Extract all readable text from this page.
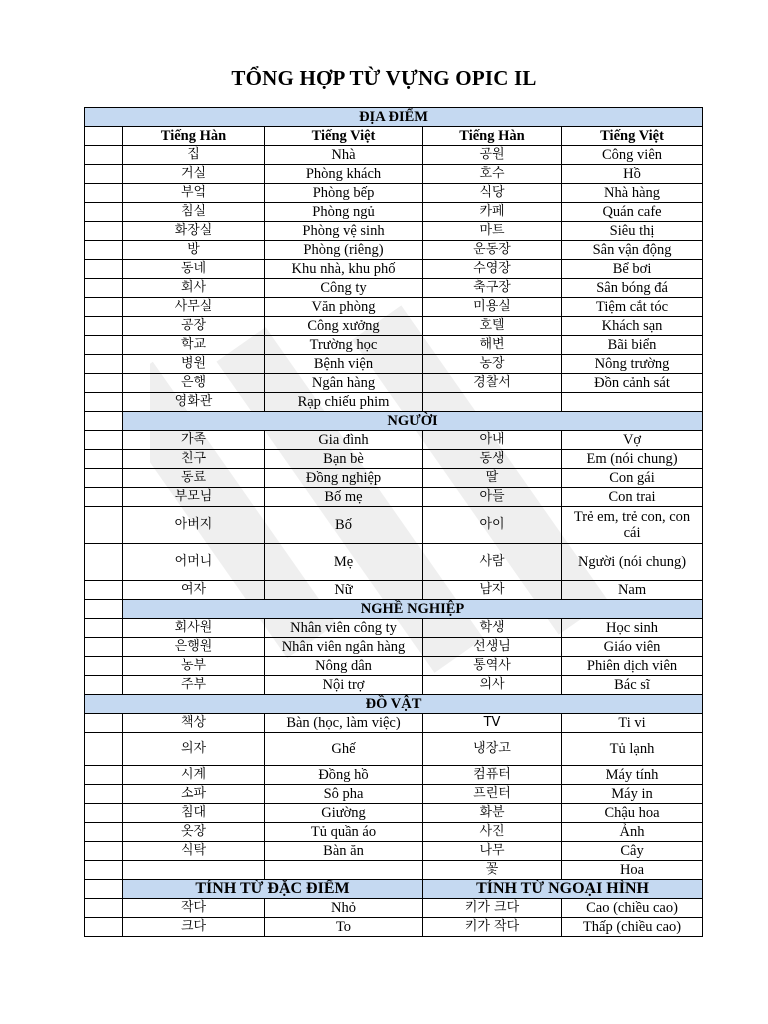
TỔNG HỢP TỪ VỰNG OPIC IL
ĐỊA ĐIỂM				
	Tiếng Hàn	Tiếng Việt	Tiếng Hàn	Tiếng Việt
	집	Nhà	공원	Công viên
	거실	Phòng khách	호수	Hồ
	부엌	Phòng bếp	식당	Nhà hàng
	침실	Phòng ngủ	카페	Quán cafe
	화장실	Phòng vệ sinh	마트	Siêu thị
	방	Phòng (riêng)	운동장	Sân vận động
	동네	Khu nhà, khu phố	수영장	Bể bơi
	회사	Công ty	축구장	Sân bóng đá
	사무실	Văn phòng	미용실	Tiệm cắt tóc
	공장	Công xưởng	호텔	Khách sạn
	학교	Trường học	해변	Bãi biển
	병원	Bệnh viện	농장	Nông trường
	은행	Ngân hàng	경찰서	Đồn cảnh sát
	영화관	Rạp chiếu phim		
	NGƯỜI			
	가족	Gia đình	아내	Vợ
	친구	Bạn bè	동생	Em (nói chung)
	동료	Đồng nghiệp	딸	Con gái
	부모님	Bố mẹ	아들	Con trai
	아버지	Bố	아이	Trẻ em, trẻ con, con cái
	어머니	Mẹ	사람	Người (nói chung)
	여자	Nữ	남자	Nam
	NGHỀ NGHIỆP			
	회사원	Nhân viên công ty	학생	Học sinh
	은행원	Nhân viên ngân hàng	선생님	Giáo viên
	농부	Nông dân	통역사	Phiên dịch viên
	주부	Nội trợ	의사	Bác sĩ
ĐỒ VẬT				
	책상	Bàn (học, làm việc)	TV	Ti vi
	의자	Ghế	냉장고	Tủ lạnh
	시계	Đồng hồ	컴퓨터	Máy tính
	소파	Sô pha	프린터	Máy in
	침대	Giường	화분	Chậu hoa
	옷장	Tủ quần áo	사진	Ảnh
	식탁	Bàn ăn	나무	Cây
			꽃	Hoa
	TÍNH TỪ ĐẶC ĐIỂM		TÍNH TỪ NGOẠI HÌNH	
	작다	Nhỏ	키가 크다	Cao (chiều cao)
	크다	To	키가 작다	Thấp (chiều cao)
